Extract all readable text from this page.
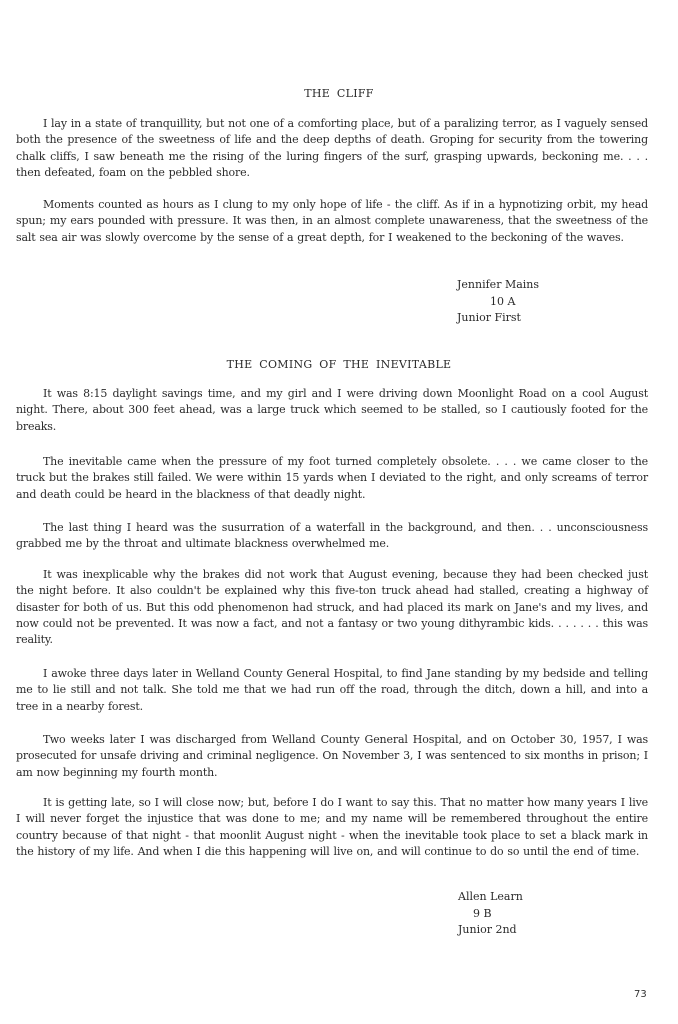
THE CLIFF

I lay in a state of tranquillity, but not one of a comforting place, but of a paralizing terror, as I vaguely sensed both the presence of the sweetness of life and the deep depths of death. Groping for security from the towering chalk cliffs, I saw beneath me the rising of the luring fingers of the surf, grasping upwards, beckoning me. . . . then defeated, foam on the pebbled shore.

Moments counted as hours as I clung to my only hope of life - the cliff. As if in a hypnotizing orbit, my head spun; my ears pounded with pressure. It was then, in an almost complete unawareness, that the sweetness of the salt sea air was slowly overcome by the sense of a great depth, for I weakened to the beckoning of the waves.

Jennifer Mains
10 A
Junior First
THE COMING OF THE INEVITABLE

It was 8:15 daylight savings time, and my girl and I were driving down Moonlight Road on a cool August night. There, about 300 feet ahead, was a large truck which seemed to be stalled, so I cautiously footed for the breaks.

The inevitable came when the pressure of my foot turned completely obsolete. . . . we came closer to the truck but the brakes still failed. We were within 15 yards when I deviated to the right, and only screams of terror and death could be heard in the blackness of that deadly night.

The last thing I heard was the susurration of a waterfall in the background, and then. . . unconsciousness grabbed me by the throat and ultimate blackness overwhelmed me.

It was inexplicable why the brakes did not work that August evening, because they had been checked just the night before. It also couldn't be explained why this five-ton truck ahead had stalled, creating a highway of disaster for both of us. But this odd phenomenon had struck, and had placed its mark on Jane's and my lives, and now could not be prevented. It was now a fact, and not a fantasy or two young dithyrambic kids. . . . . . . this was reality.

I awoke three days later in Welland County General Hospital, to find Jane standing by my bedside and telling me to lie still and not talk. She told me that we had run off the road, through the ditch, down a hill, and into a tree in a nearby forest.

Two weeks later I was discharged from Welland County General Hospital, and on October 30, 1957, I was prosecuted for unsafe driving and criminal negligence. On November 3, I was sentenced to six months in prison; I am now beginning my fourth month.

It is getting late, so I will close now; but, before I do I want to say this. That no matter how many years I live I will never forget the injustice that was done to me; and my name will be remembered throughout the entire country because of that night - that moonlit August night - when the inevitable took place to set a black mark in the history of my life. And when I die this happening will live on, and will continue to do so until the end of time.

Allen Learn
9 B
Junior 2nd
73
